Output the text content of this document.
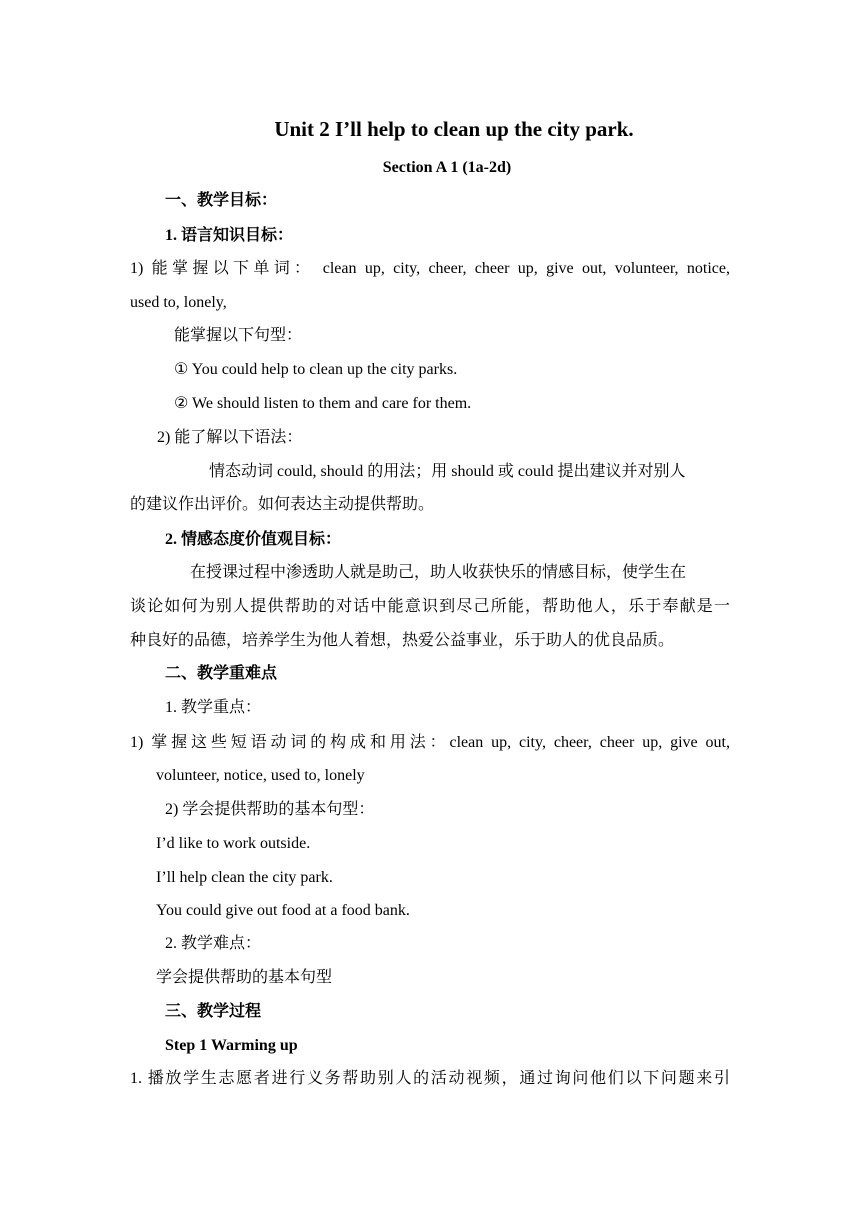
Unit 2 I’ll help to clean up the city park.
Section A 1 (1a-2d)
一、教学目标：
1. 语言知识目标：
1) 能掌握以下单词： clean up, city, cheer, cheer up, give out, volunteer, notice,
used to, lonely,
能掌握以下句型：
① You could help to clean up the city parks.
② We should listen to them and care for them.
2) 能了解以下语法：
情态动词 could, should 的用法；用 should 或 could 提出建议并对别人
的建议作出评价。如何表达主动提供帮助。
2. 情感态度价值观目标：
在授课过程中渗透助人就是助己，助人收获快乐的情感目标，使学生在
谈论如何为别人提供帮助的对话中能意识到尽己所能，帮助他人，乐于奉献是一
种良好的品德，培养学生为他人着想，热爱公益事业，乐于助人的优良品质。
二、教学重难点
1. 教学重点：
1) 掌握这些短语动词的构成和用法：clean up, city, cheer, cheer up, give out,
volunteer, notice, used to, lonely
2) 学会提供帮助的基本句型：
I’d like to work outside.
I’ll help clean the city park.
You could give out food at a food bank.
2. 教学难点：
学会提供帮助的基本句型
三、教学过程
Step 1 Warming up
1. 播放学生志愿者进行义务帮助别人的活动视频，通过询问他们以下问题来引
